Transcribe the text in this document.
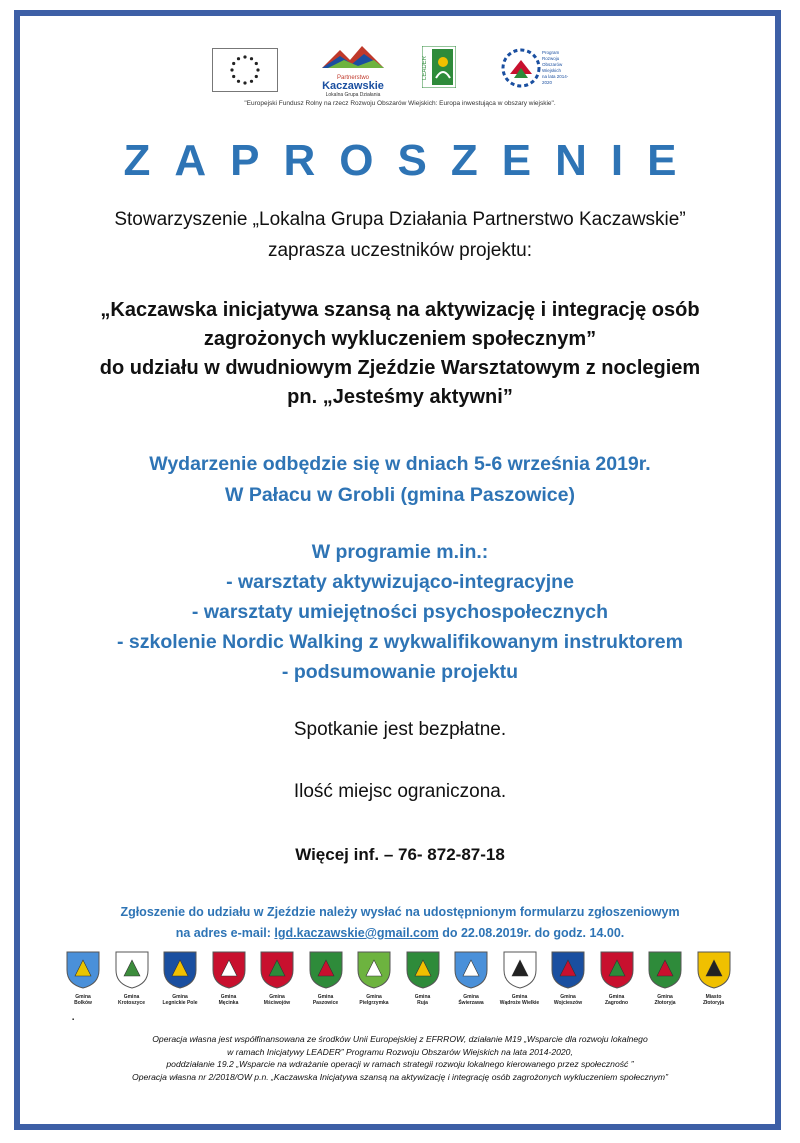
Partnerstwo
Kaczawskie
Lokalna Grupa Działania
LEADER
Program
Rozwoju
Obszarów
Wiejskich
na lata 2014-2020
"Europejski Fundusz Rolny na rzecz Rozwoju Obszarów Wiejskich: Europa inwestująca w obszary wiejskie".
ZAPROSZENIE
Stowarzyszenie „Lokalna Grupa Działania Partnerstwo Kaczawskie”
zaprasza uczestników projektu:
„Kaczawska inicjatywa szansą na aktywizację i integrację osób
zagrożonych wykluczeniem społecznym”
do udziału w dwudniowym Zjeździe Warsztatowym z noclegiem
pn. „Jesteśmy aktywni”
Wydarzenie odbędzie się w dniach 5-6 września 2019r.
W Pałacu w Grobli (gmina Paszowice)
W programie m.in.:
- warsztaty aktywizująco-integracyjne
- warsztaty umiejętności psychospołecznych
- szkolenie Nordic Walking z wykwalifikowanym instruktorem
- podsumowanie projektu
Spotkanie jest bezpłatne.
Ilość miejsc ograniczona.
Więcej inf. – 76- 872-87-18
Zgłoszenie do udziału w Zjeździe należy wysłać na udostępnionym formularzu zgłoszeniowym
na adres e-mail: lgd.kaczawskie@gmail.com do 22.08.2019r. do godz. 14.00.
Gmina
Bolków
Gmina
Krotoszyce
Gmina
Legnickie Pole
Gmina
Męcinka
Gmina
Mściwojów
Gmina
Paszowice
Gmina
Pielgrzymka
Gmina
Ruja
Gmina
Świerzawa
Gmina
Wądroże Wielkie
Gmina
Wojcieszów
Gmina
Zagrodno
Gmina
Złotoryja
Miasto
Złotoryja
▪
Operacja własna jest współfinansowana ze środków Unii Europejskiej z EFRROW, działanie M19 „Wsparcie dla rozwoju lokalnego
w ramach Inicjatywy LEADER” Programu Rozwoju Obszarów Wiejskich na lata 2014-2020,
poddziałanie 19.2 „Wsparcie na wdrażanie operacji w ramach strategii rozwoju lokalnego kierowanego przez społeczność ”
Operacja własna nr 2/2018/OW p.n. „Kaczawska Inicjatywa szansą na aktywizację i integrację osób zagrożonych wykluczeniem społecznym”
